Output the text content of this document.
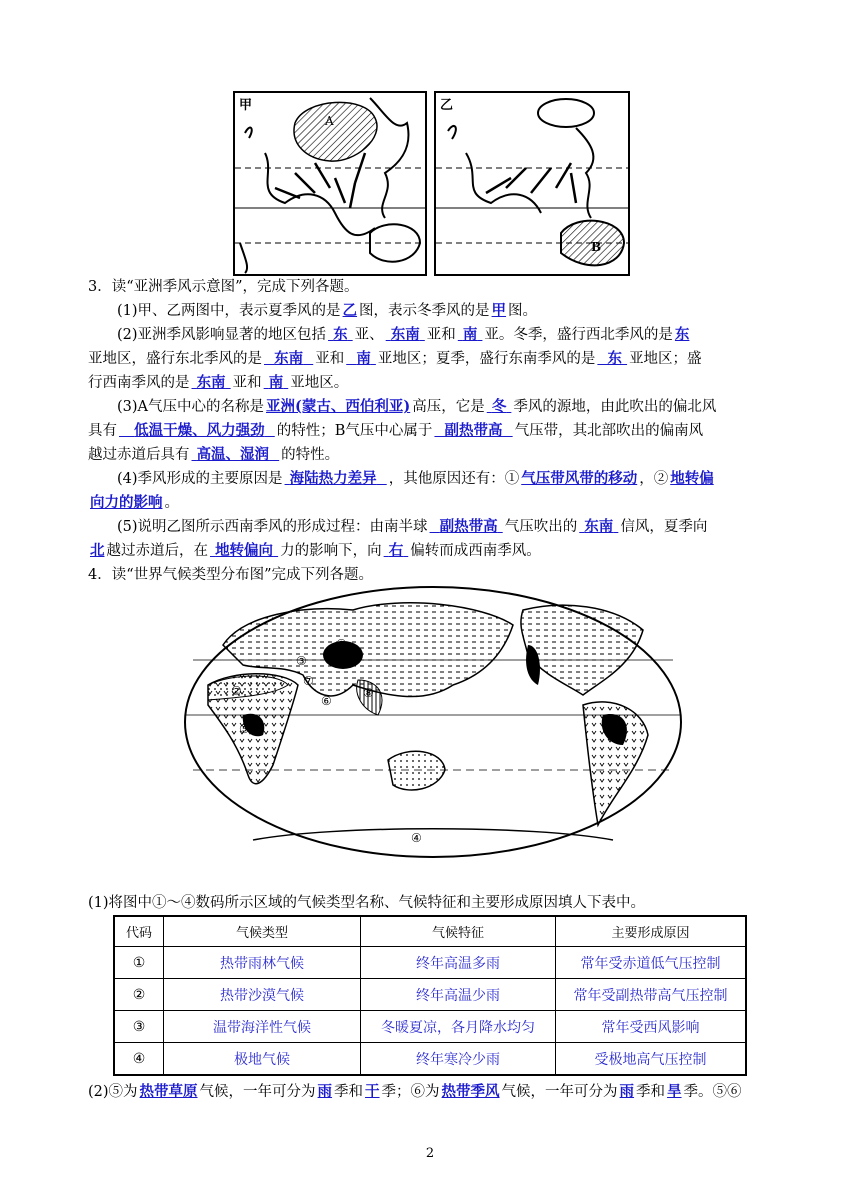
甲
A
乙
B
3．读“亚洲季风示意图”，完成下列各题。
(1)甲、乙两图中，表示夏季风的是 乙 图，表示冬季风的是 甲 图。
(2)亚洲季风影响显著的地区包括 东 亚、 东南 亚和 南 亚。冬季，盛行西北季风的是 东
亚地区，盛行东北季风的是 东南 亚和 南 亚地区；夏季，盛行东南季风的是 东 亚地区；盛
行西南季风的是 东南 亚和 南 亚地区。
(3)A气压中心的名称是 亚洲(蒙古、西伯利亚) 高压，它是 冬 季风的源地，由此吹出的偏北风
具有 低温干燥、风力强劲 的特性；B气压中心属于 副热带高 气压带，其北部吹出的偏南风
越过赤道后具有 高温、湿润 的特性。
(4)季风形成的主要原因是 海陆热力差异 ，其他原因还有：① 气压带风带的移动 ，② 地转偏
向力的影响 。
(5)说明乙图所示西南季风的形成过程：由南半球 副热带高 气压吹出的 东南 信风，夏季向
北 越过赤道后，在 地转偏向 力的影响下，向 右 偏转而成西南季风。
4．读“世界气候类型分布图”完成下列各题。
⑨
②
⑤
⑥
⑧
③
⑦
①
④
(1)将图中①～④数码所示区域的气候类型名称、气候特征和主要形成原因填人下表中。
代码	气候类型	气候特征	主要形成原因
①	热带雨林气候	终年高温多雨	常年受赤道低气压控制
②	热带沙漠气候	终年高温少雨	常年受副热带高气压控制
③	温带海洋性气候	冬暖夏凉，各月降水均匀	常年受西风影响
④	极地气候	终年寒冷少雨	受极地高气压控制
(2)⑤为 热带草原 气候，一年可分为 雨 季和 干 季；⑥为 热带季风 气候，一年可分为 雨 季和 旱 季。⑤⑥
2
